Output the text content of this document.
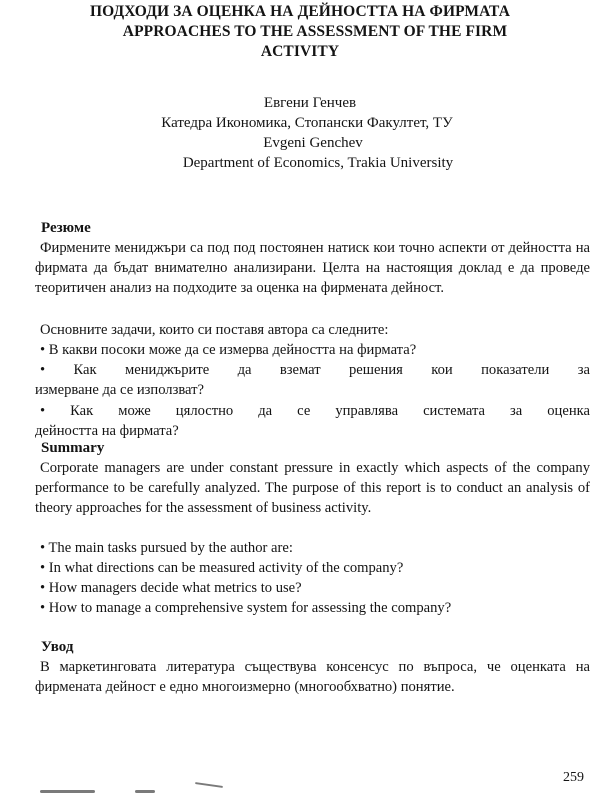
ПОДХОДИ ЗА ОЦЕНКА НА ДЕЙНОСТТА НА ФИРМАТА
APPROACHES TO THE ASSESSMENT OF THE FIRM
ACTIVITY
Евгени Генчев
Катедра Икономика, Стопански Факултет, ТУ
Evgeni Genchev
Department of Economics, Trakia University
Резюме
Фирмените мениджъри са под под постоянен натиск кои точно аспекти от дейността на фирмата да бъдат внимателно анализирани. Целта на настоящия доклад е да проведе теоритичен анализ на подходите за оценка на фирмената дейност.
Основните задачи, които си поставя автора са следните:
• В какви посоки може да се измерва дейността на фирмата?
• Как мениджърите да вземат решения кои показатели за
измерване да се използват?
• Как може цялостно да се управлява системата за оценка
дейността на фирмата?
Summary
Corporate managers are under constant pressure in exactly which aspects of the company performance to be carefully analyzed. The purpose of this report is to conduct an analysis of theory approaches for the assessment of business activity.
• The main tasks pursued by the author are:
• In what directions can be measured activity of the company?
• How managers decide what metrics to use?
• How to manage a comprehensive system for assessing the company?
Увод
В маркетинговата литература съществува консенсус по въпроса, че оценката на фирмената дейност е едно многоизмерно (многообхватно) понятие.
259
